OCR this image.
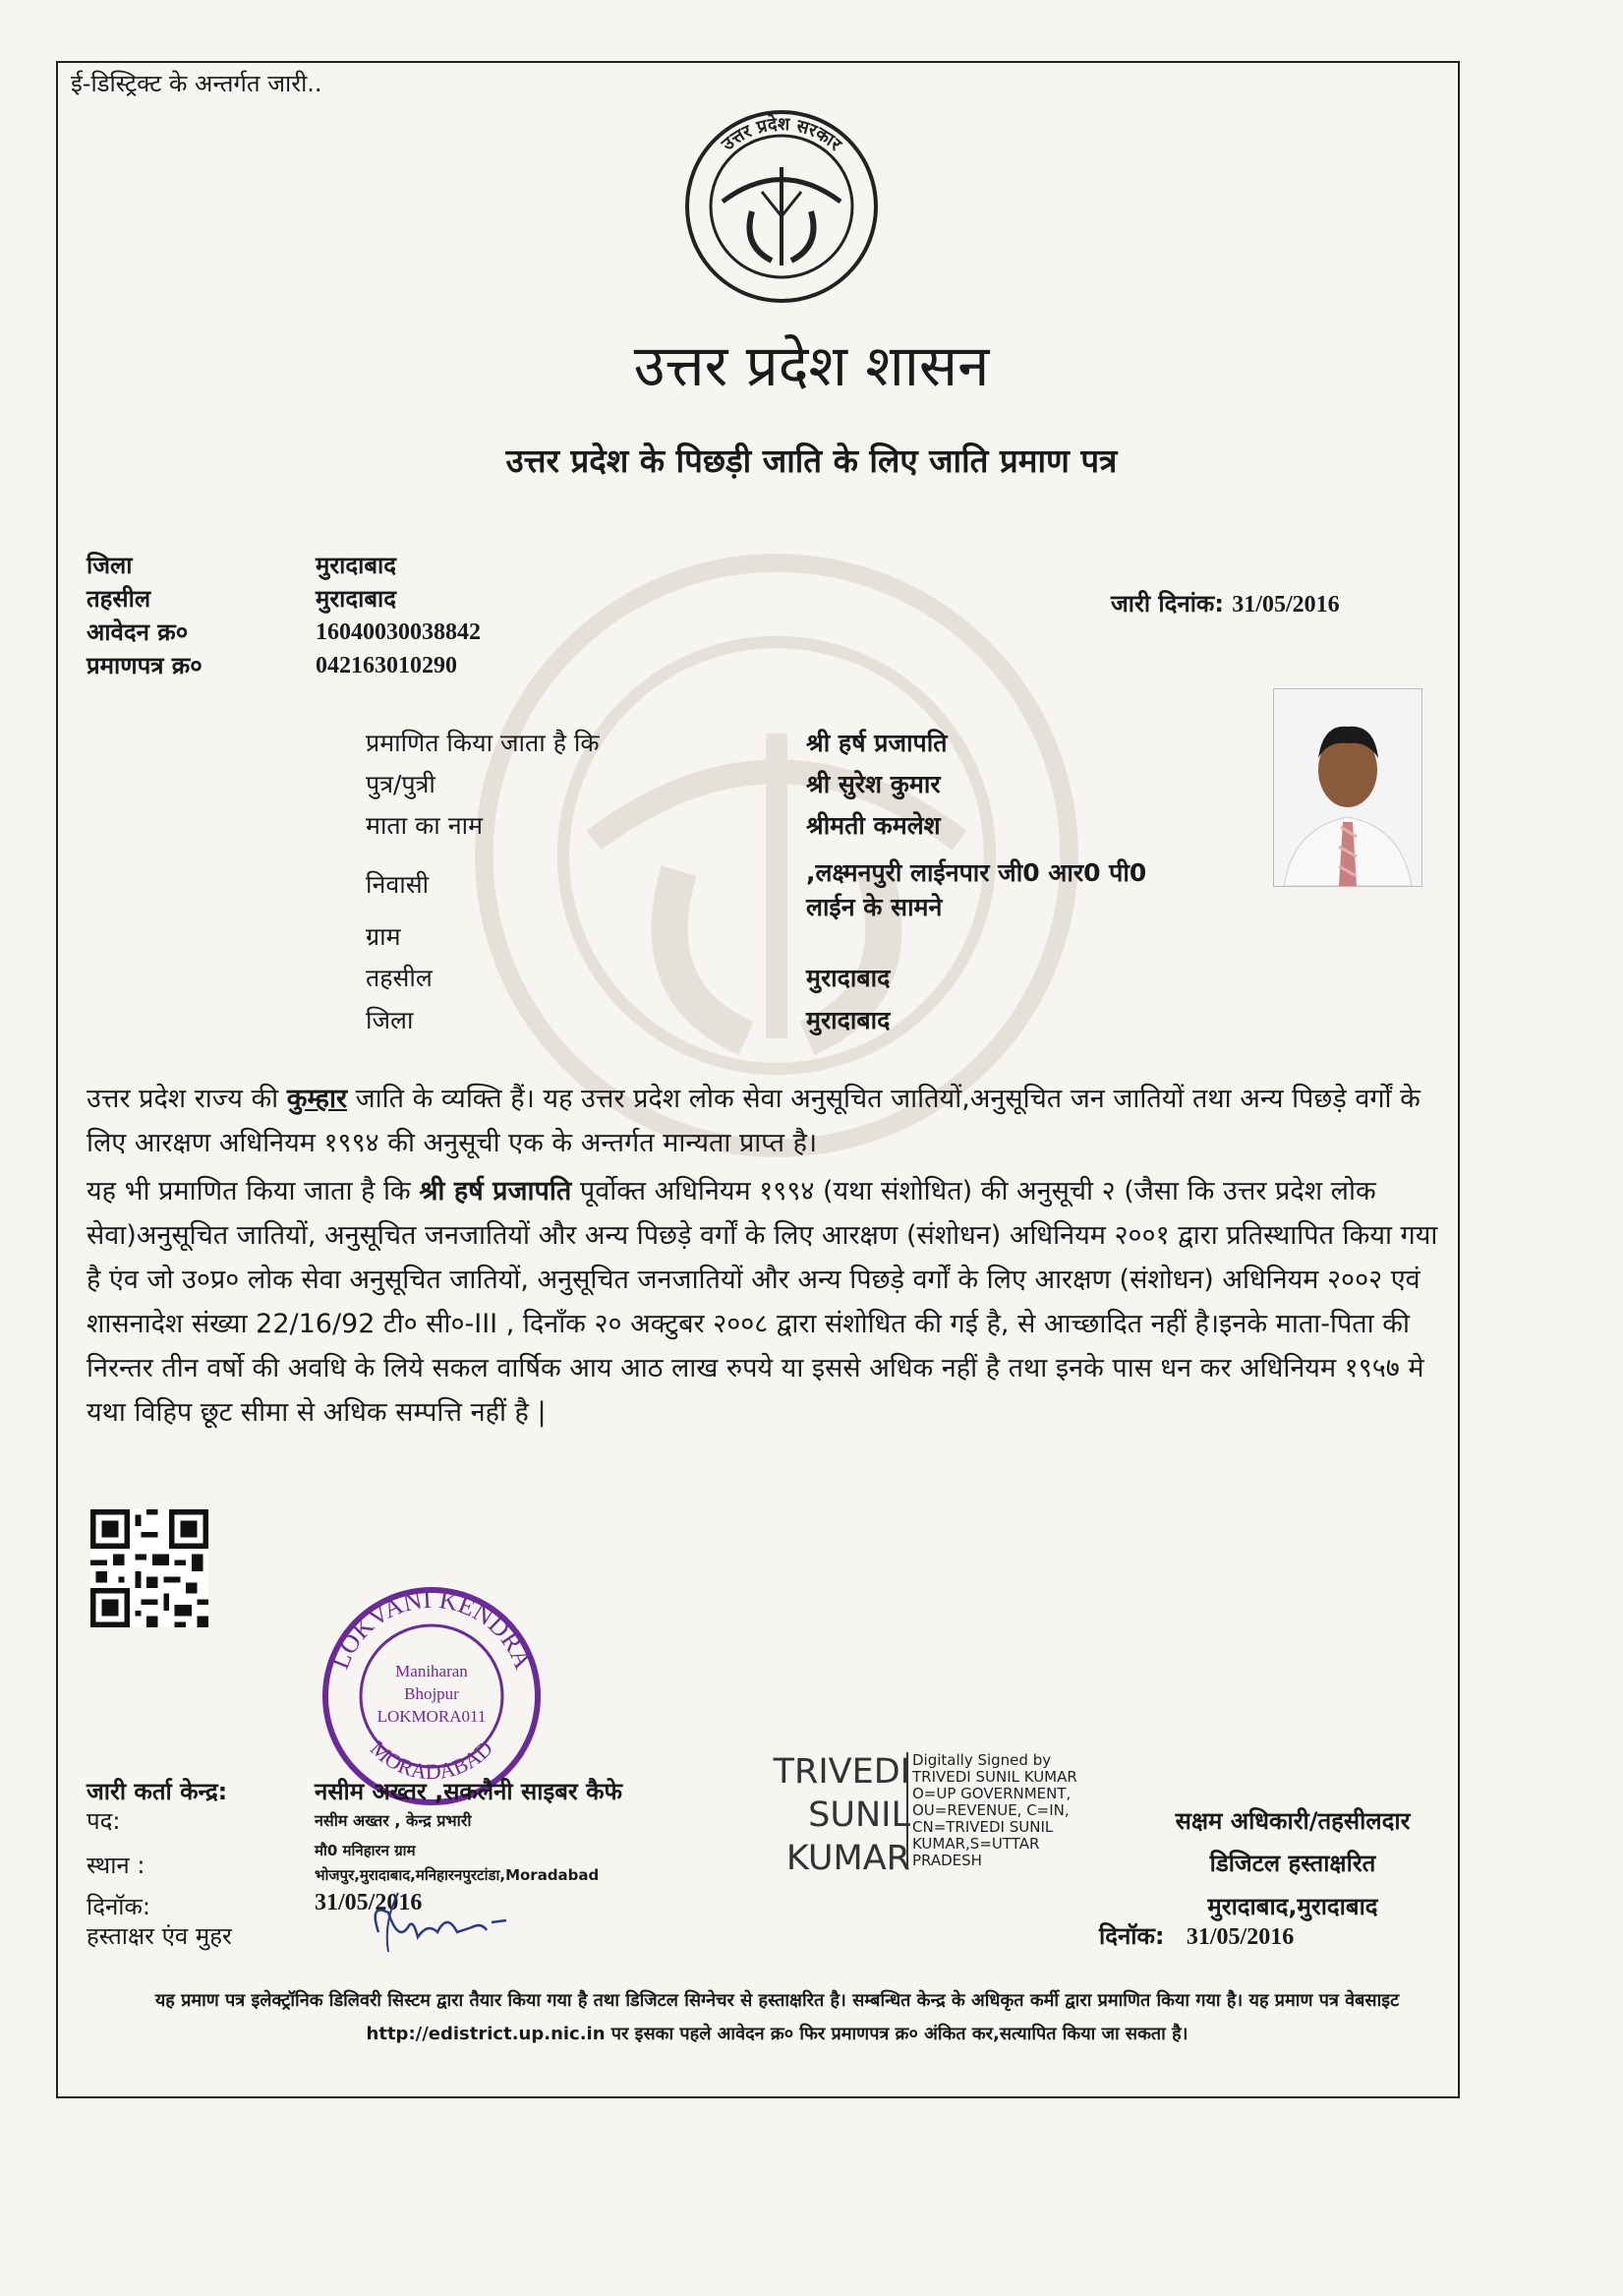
ई-डिस्ट्रिक्ट के अन्तर्गत जारी..
उत्तर प्रदेश सरकार
उत्तर प्रदेश शासन
उत्तर प्रदेश के पिछड़ी जाति के लिए जाति प्रमाण पत्र
जिला	मुरादाबाद
तहसील	मुरादाबाद
आवेदन क्र०	16040030038842
प्रमाणपत्र क्र०	042163010290
जारी दिनांक: 31/05/2016
प्रमाणित किया जाता है कि	श्री हर्ष प्रजापति
पुत्र/पुत्री	श्री सुरेश कुमार
माता का नाम	श्रीमती कमलेश
निवासी	,लक्ष्मनपुरी लाईनपार जी0 आर0 पी0
लाईन के सामने
ग्राम
तहसील	मुरादाबाद
जिला	मुरादाबाद

उत्तर प्रदेश राज्य की कुम्हार जाति के व्यक्ति हैं। यह उत्तर प्रदेश लोक सेवा अनुसूचित जातियों,अनुसूचित जन जातियों तथा अन्य पिछड़े वर्गों के लिए आरक्षण अधिनियम १९९४ की अनुसूची एक के अन्तर्गत मान्यता प्राप्त है।

यह भी प्रमाणित किया जाता है कि श्री हर्ष प्रजापति पूर्वोक्त अधिनियम १९९४ (यथा संशोधित) की अनुसूची २ (जैसा कि उत्तर प्रदेश लोक सेवा)अनुसूचित जातियों, अनुसूचित जनजातियों और अन्य पिछड़े वर्गों के लिए आरक्षण (संशोधन) अधिनियम २००१ द्वारा प्रतिस्थापित किया गया है एंव जो उ०प्र० लोक सेवा अनुसूचित जातियों, अनुसूचित जनजातियों और अन्य पिछड़े वर्गों के लिए आरक्षण (संशोधन) अधिनियम २००२ एवं शासनादेश संख्या 22/16/92 टी० सी०-III , दिनाँक २० अक्टुबर २००८ द्वारा संशोधित की गई है, से आच्छादित नहीं है।इनके माता-पिता की निरन्तर तीन वर्षो की अवधि के लिये सकल वार्षिक आय आठ लाख रुपये या इससे अधिक नहीं है तथा इनके पास धन कर अधिनियम १९५७ मे यथा विहिप छूट सीमा से अधिक सम्पत्ति नहीं है |

LOKVANI KENDRA
MORADABAD
Maniharan
Bhojpur
LOKMORA011
जारी कर्ता केन्द्र:	नसीम अख्तर ,सकलैनी साइबर कैफे
पद:	नसीम अख्तर , केन्द्र प्रभारी
स्थान :
मौ0 मनिहारन ग्राम
भोजपुर,मुरादाबाद,मनिहारनपुरटांडा,Moradabad
दिनॉक:	31/05/2016
हस्ताक्षर एंव मुहर
TRIVEDI
SUNIL
KUMAR
Digitally Signed by TRIVEDI SUNIL KUMAR O=UP GOVERNMENT, OU=REVENUE, C=IN, CN=TRIVEDI SUNIL KUMAR,S=UTTAR PRADESH
सक्षम अधिकारी/तहसीलदार
डिजिटल हस्ताक्षरित
मुरादाबाद,मुरादाबाद
दिनॉक: 31/05/2016
यह प्रमाण पत्र इलेक्ट्रॉनिक डिलिवरी सिस्टम द्वारा तैयार किया गया है तथा डिजिटल सिग्नेचर से हस्ताक्षरित है। सम्बन्धित केन्द्र के अधिकृत कर्मी द्वारा प्रमाणित किया गया है। यह प्रमाण पत्र वेबसाइट http://edistrict.up.nic.in पर इसका पहले आवेदन क्र० फिर प्रमाणपत्र क्र० अंकित कर,सत्यापित किया जा सकता है।
